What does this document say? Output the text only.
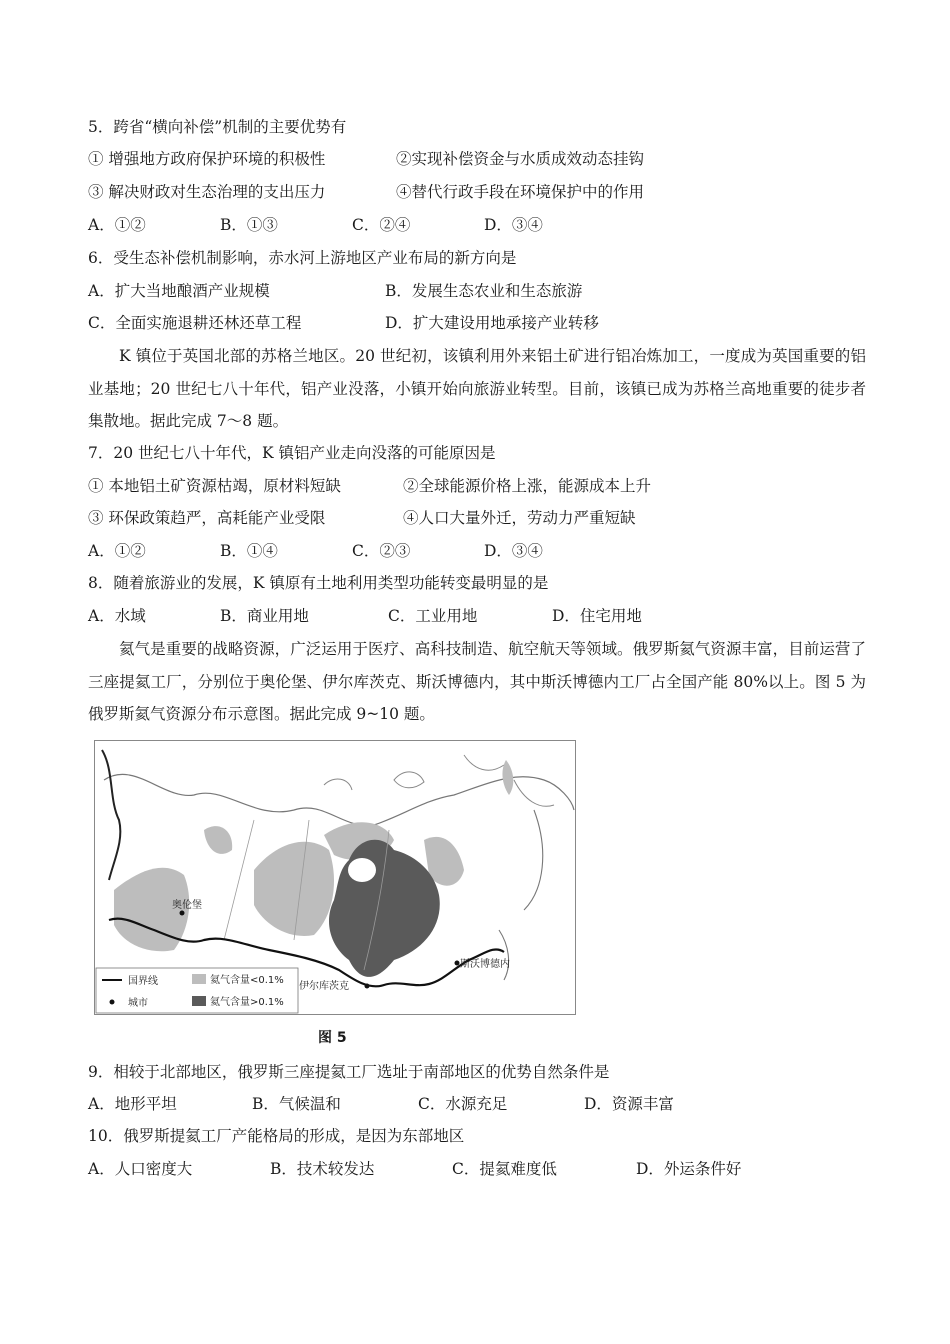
5．跨省“横向补偿”机制的主要优势有
① 增强地方政府保护环境的积极性	②实现补偿资金与水质成效动态挂钩
③ 解决财政对生态治理的支出压力	④替代行政手段在环境保护中的作用
A．①②	B．①③	C．②④	D．③④
6．受生态补偿机制影响，赤水河上游地区产业布局的新方向是
A．扩大当地酿酒产业规模	B．发展生态农业和生态旅游
C．全面实施退耕还林还草工程	D．扩大建设用地承接产业转移
K 镇位于英国北部的苏格兰地区。20 世纪初，该镇利用外来铝土矿进行铝冶炼加工，一度成为英国重要的铝业基地；20 世纪七八十年代，铝产业没落，小镇开始向旅游业转型。目前，该镇已成为苏格兰高地重要的徒步者集散地。据此完成 7～8 题。
7．20 世纪七八十年代，K 镇铝产业走向没落的可能原因是
① 本地铝土矿资源枯竭，原材料短缺	②全球能源价格上涨，能源成本上升
③ 环保政策趋严，高耗能产业受限	④人口大量外迁，劳动力严重短缺
A．①②	B．①④	C．②③	D．③④
8．随着旅游业的发展，K 镇原有土地利用类型功能转变最明显的是
A．水域	B．商业用地	C．工业用地	D．住宅用地
氦气是重要的战略资源，广泛运用于医疗、高科技制造、航空航天等领域。俄罗斯氦气资源丰富，目前运营了三座提氦工厂，分别位于奥伦堡、伊尔库茨克、斯沃博德内，其中斯沃博德内工厂占全国产能 80%以上。图 5 为俄罗斯氦气资源分布示意图。据此完成 9~10 题。
奥伦堡
伊尔库茨克
斯沃博德内
国界线	氦气含量<0.1%
城市	氦气含量>0.1%
图 5
9．相较于北部地区，俄罗斯三座提氦工厂选址于南部地区的优势自然条件是
A．地形平坦	B．气候温和	C．水源充足	D．资源丰富
10．俄罗斯提氦工厂产能格局的形成，是因为东部地区
A．人口密度大	B．技术较发达	C．提氦难度低	D．外运条件好
